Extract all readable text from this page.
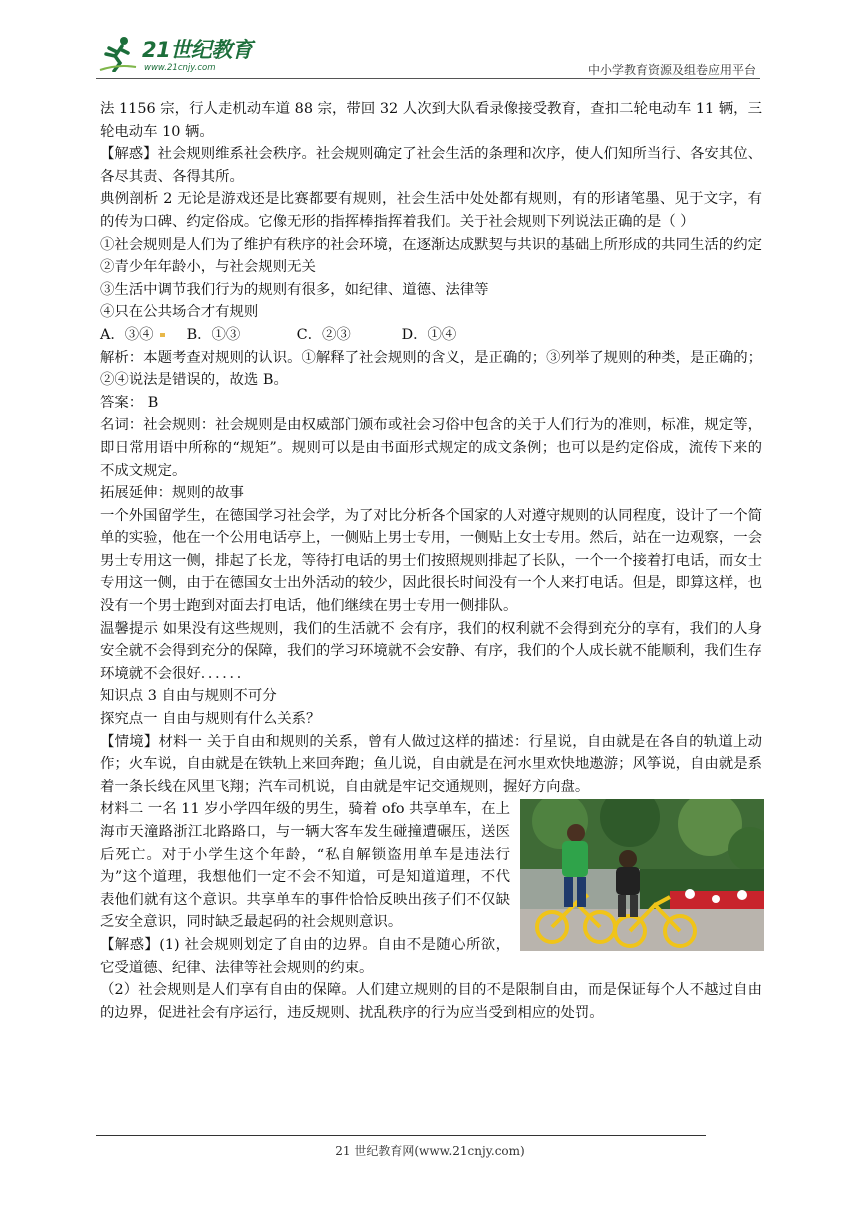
21世纪教育
www.21cnjy.com	中小学教育资源及组卷应用平台

法 1156 宗，行人走机动车道 88 宗，带回 32 人次到大队看录像接受教育，查扣二轮电动车 11 辆，三轮电动车 10 辆。

【解惑】社会规则维系社会秩序。社会规则确定了社会生活的条理和次序，使人们知所当行、各安其位、各尽其责、各得其所。

典例剖析 2 无论是游戏还是比赛都要有规则，社会生活中处处都有规则，有的形诸笔墨、见于文字，有的传为口碑、约定俗成。它像无形的指挥棒指挥着我们。关于社会规则下列说法正确的是（ ）

①社会规则是人们为了维护有秩序的社会环境，在逐渐达成默契与共识的基础上所形成的共同生活的约定

②青少年年龄小，与社会规则无关

③生活中调节我们行为的规则有很多，如纪律、道德、法律等

④只在公共场合才有规则

A．③④ B．①③	C．②③	D．①④

解析：本题考查对规则的认识。①解释了社会规则的含义，是正确的；③列举了规则的种类，是正确的；②④说法是错误的，故选 B。

答案： B

名词：社会规则：社会规则是由权威部门颁布或社会习俗中包含的关于人们行为的准则，标准，规定等，即日常用语中所称的“规矩”。规则可以是由书面形式规定的成文条例；也可以是约定俗成，流传下来的不成文规定。

拓展延伸：规则的故事

一个外国留学生，在德国学习社会学，为了对比分析各个国家的人对遵守规则的认同程度，设计了一个简单的实验，他在一个公用电话亭上，一侧贴上男士专用，一侧贴上女士专用。然后，站在一边观察，一会男士专用这一侧，排起了长龙，等待打电话的男士们按照规则排起了长队，一个一个接着打电话，而女士专用这一侧，由于在德国女士出外活动的较少，因此很长时间没有一个人来打电话。但是，即算这样，也没有一个男士跑到对面去打电话，他们继续在男士专用一侧排队。

温馨提示 如果没有这些规则，我们的生活就不 会有序，我们的权利就不会得到充分的享有，我们的人身安全就不会得到充分的保障，我们的学习环境就不会安静、有序，我们的个人成长就不能顺利，我们生存环境就不会很好．．．．．．

知识点 3 自由与规则不可分

探究点一 自由与规则有什么关系？

【情境】材料一 关于自由和规则的关系，曾有人做过这样的描述：行星说，自由就是在各自的轨道上动作；火车说，自由就是在铁轨上来回奔跑；鱼儿说，自由就是在河水里欢快地遨游；风筝说，自由就是系着一条长线在风里飞翔；汽车司机说，自由就是牢记交通规则，握好方向盘。

材料二 一名 11 岁小学四年级的男生，骑着 ofo 共享单车，在上海市天潼路浙江北路路口，与一辆大客车发生碰撞遭碾压，送医后死亡。对于小学生这个年龄，“私自解锁盗用单车是违法行为”这个道理，我想他们一定不会不知道，可是知道道理，不代表他们就有这个意识。共享单车的事件恰恰反映出孩子们不仅缺乏安全意识，同时缺乏最起码的社会规则意识。

【解惑】(1) 社会规则划定了自由的边界。自由不是随心所欲，它受道德、纪律、法律等社会规则的约束。

（2）社会规则是人们享有自由的保障。人们建立规则的目的不是限制自由，而是保证每个人不越过自由的边界，促进社会有序运行，违反规则、扰乱秩序的行为应当受到相应的处罚。

21 世纪教育网(www.21cnjy.com)
